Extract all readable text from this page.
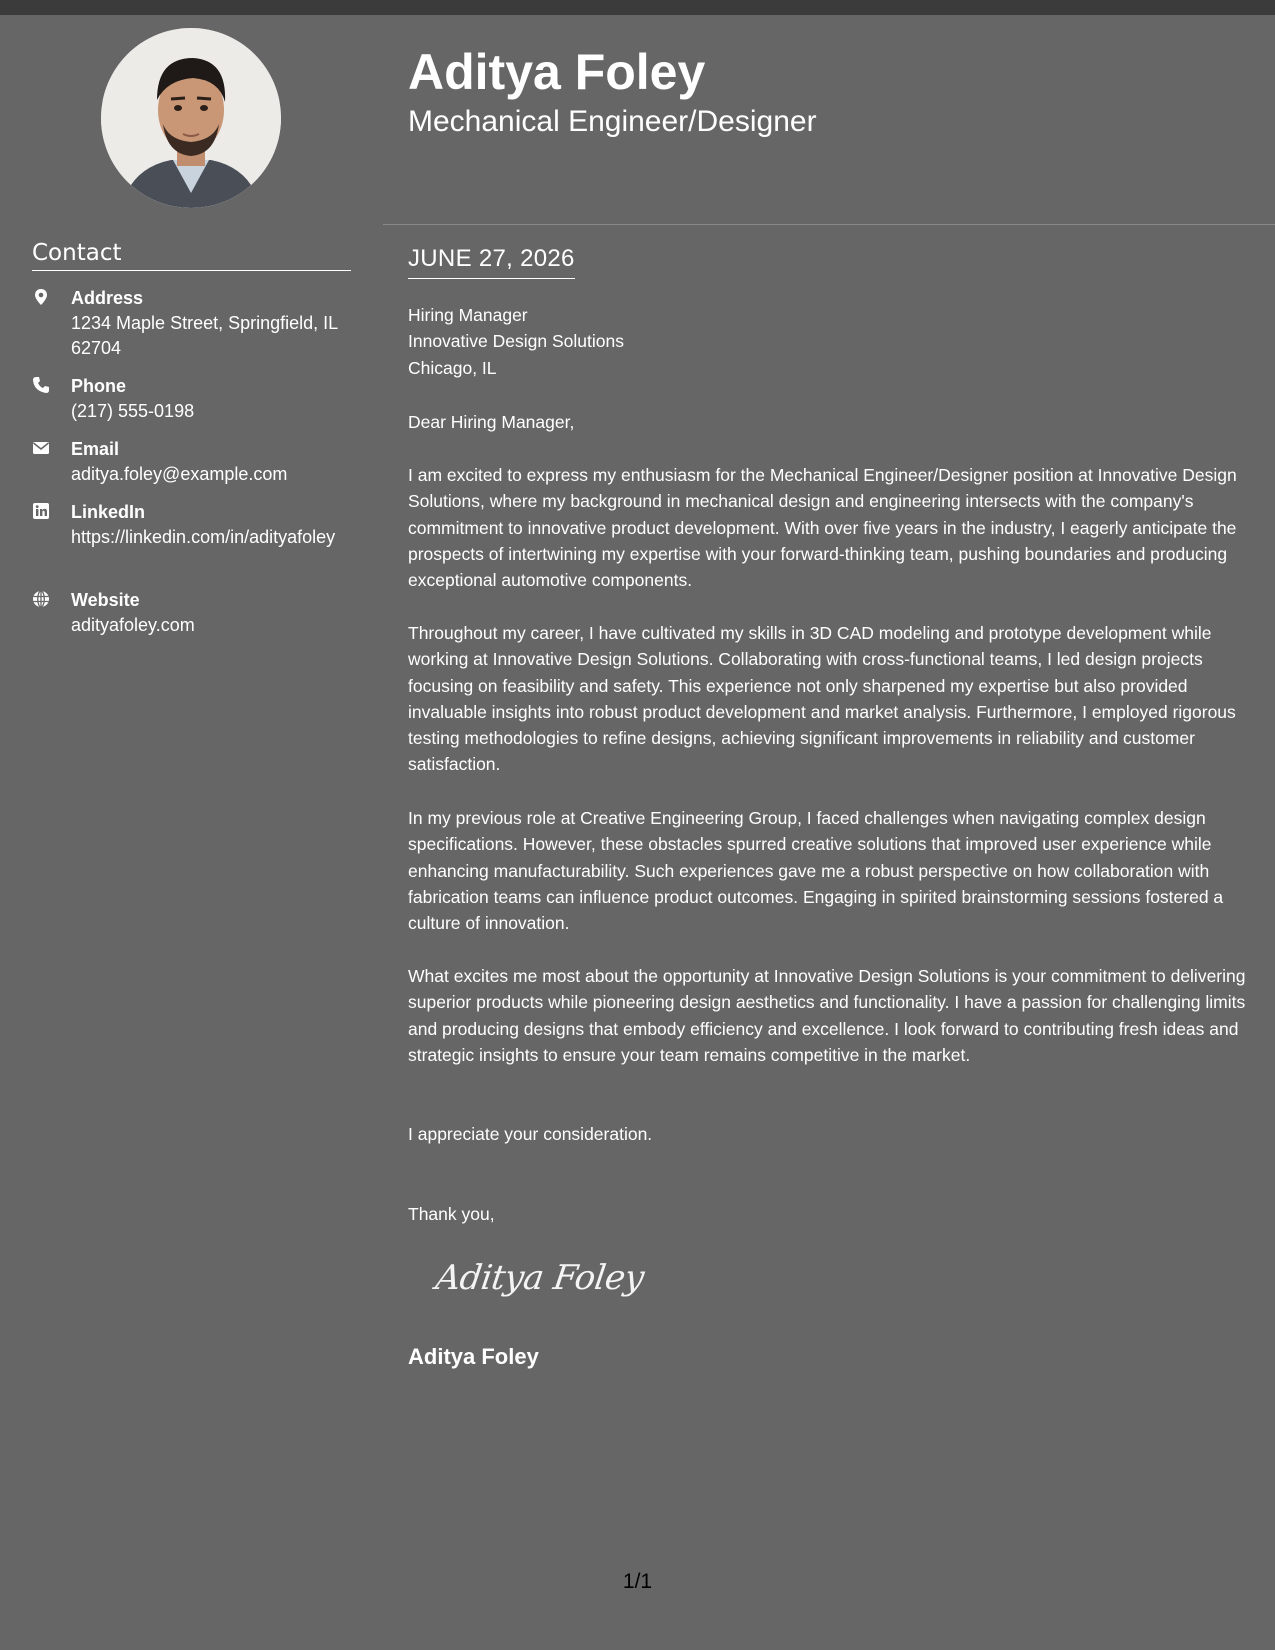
Contact
Address
1234 Maple Street, Springfield, IL 62704
Phone
(217) 555-0198
Email
aditya.foley@example.com
LinkedIn
https://linkedin.com/in/adityafoley
Website
adityafoley.com
Aditya Foley
Mechanical Engineer/Designer
JUNE 27, 2026
Hiring Manager
Innovative Design Solutions
Chicago, IL
Dear Hiring Manager,
I am excited to express my enthusiasm for the Mechanical Engineer/Designer position at Innovative Design Solutions, where my background in mechanical design and engineering intersects with the company's commitment to innovative product development. With over five years in the industry, I eagerly anticipate the prospects of intertwining my expertise with your forward-thinking team, pushing boundaries and producing exceptional automotive components.
Throughout my career, I have cultivated my skills in 3D CAD modeling and prototype development while working at Innovative Design Solutions. Collaborating with cross-functional teams, I led design projects focusing on feasibility and safety. This experience not only sharpened my expertise but also provided invaluable insights into robust product development and market analysis. Furthermore, I employed rigorous testing methodologies to refine designs, achieving significant improvements in reliability and customer satisfaction.
In my previous role at Creative Engineering Group, I faced challenges when navigating complex design specifications. However, these obstacles spurred creative solutions that improved user experience while enhancing manufacturability. Such experiences gave me a robust perspective on how collaboration with fabrication teams can influence product outcomes. Engaging in spirited brainstorming sessions fostered a culture of innovation.
What excites me most about the opportunity at Innovative Design Solutions is your commitment to delivering superior products while pioneering design aesthetics and functionality. I have a passion for challenging limits and producing designs that embody efficiency and excellence. I look forward to contributing fresh ideas and strategic insights to ensure your team remains competitive in the market.
I appreciate your consideration.
Thank you,
Aditya Foley
Aditya Foley
1/1
